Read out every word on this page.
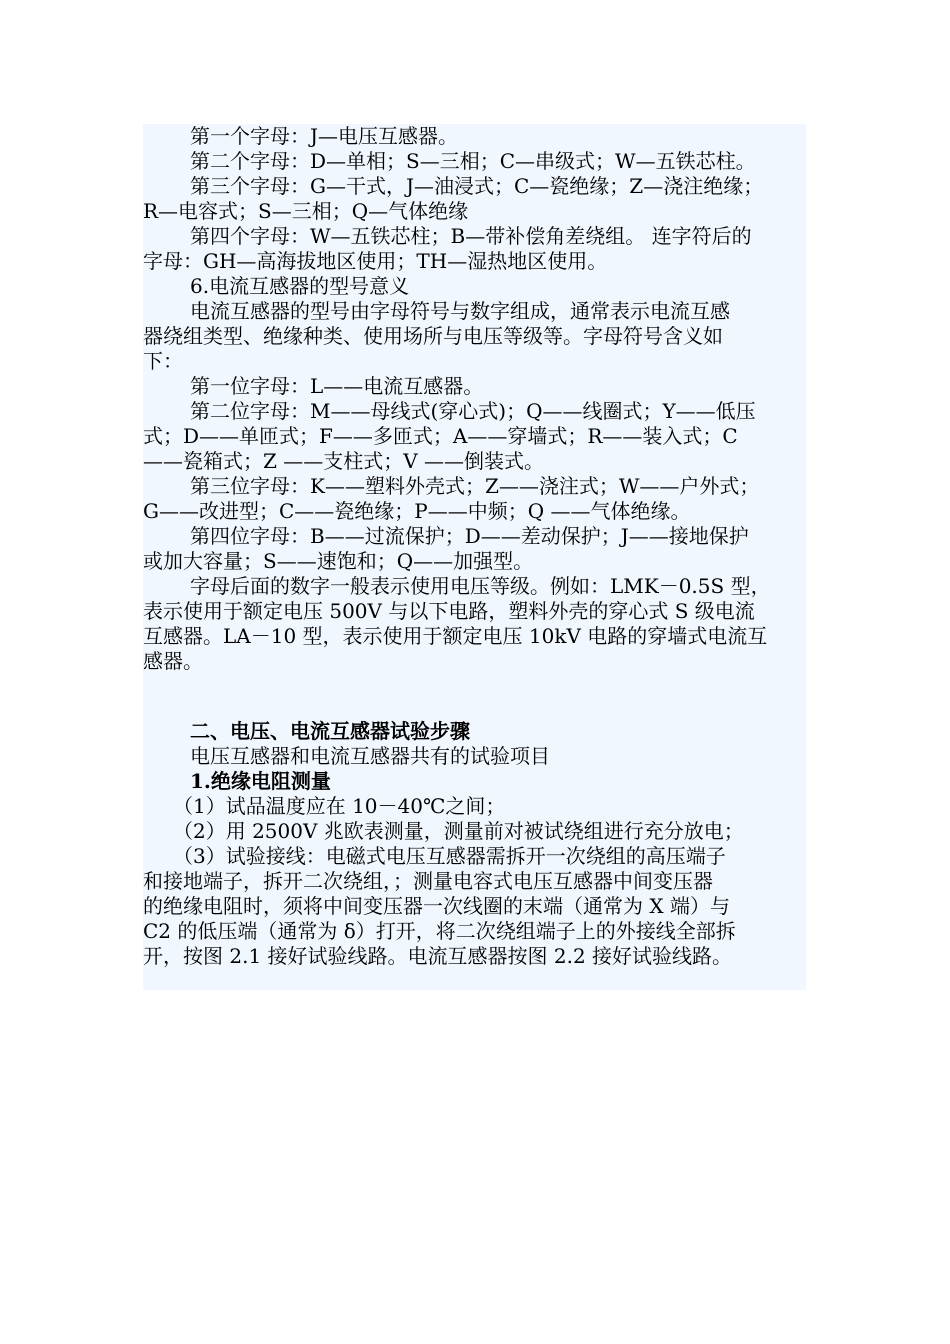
第一个字母：J—电压互感器。
第二个字母：D—单相；S—三相；C—串级式；W—五铁芯柱。
第三个字母：G—干式，J—油浸式；C—瓷绝缘；Z—浇注绝缘；
R—电容式；S—三相；Q—气体绝缘
第四个字母：W—五铁芯柱；B—带补偿角差绕组。 连字符后的
字母：GH—高海拔地区使用；TH—湿热地区使用。
6.电流互感器的型号意义
电流互感器的型号由字母符号与数字组成，通常表示电流互感
器绕组类型、绝缘种类、使用场所与电压等级等。字母符号含义如
下：
第一位字母：L——电流互感器。
第二位字母：M——母线式(穿心式)；Q——线圈式；Y——低压
式；D——单匝式；F——多匝式；A——穿墙式；R——装入式；C
——瓷箱式；Z ——支柱式；V ——倒装式。
第三位字母：K——塑料外壳式；Z——浇注式；W——户外式；
G——改进型；C——瓷绝缘；P——中频；Q ——气体绝缘。
第四位字母：B——过流保护；D——差动保护；J——接地保护
或加大容量；S——速饱和；Q——加强型。
字母后面的数字一般表示使用电压等级。例如：LMK－0.5S 型，
表示使用于额定电压 500V 与以下电路，塑料外壳的穿心式 S 级电流
互感器。LA－10 型，表示使用于额定电压 10kV 电路的穿墙式电流互
感器。
二、电压、电流互感器试验步骤
电压互感器和电流互感器共有的试验项目
1.绝缘电阻测量
（1）试品温度应在 10－40℃之间；
（2）用 2500V 兆欧表测量，测量前对被试绕组进行充分放电；
（3）试验接线：电磁式电压互感器需拆开一次绕组的高压端子
和接地端子，拆开二次绕组，；测量电容式电压互感器中间变压器
的绝缘电阻时，须将中间变压器一次线圈的末端（通常为 X 端）与
C2 的低压端（通常为 δ）打开，将二次绕组端子上的外接线全部拆
开，按图 2.1 接好试验线路。电流互感器按图 2.2 接好试验线路。
